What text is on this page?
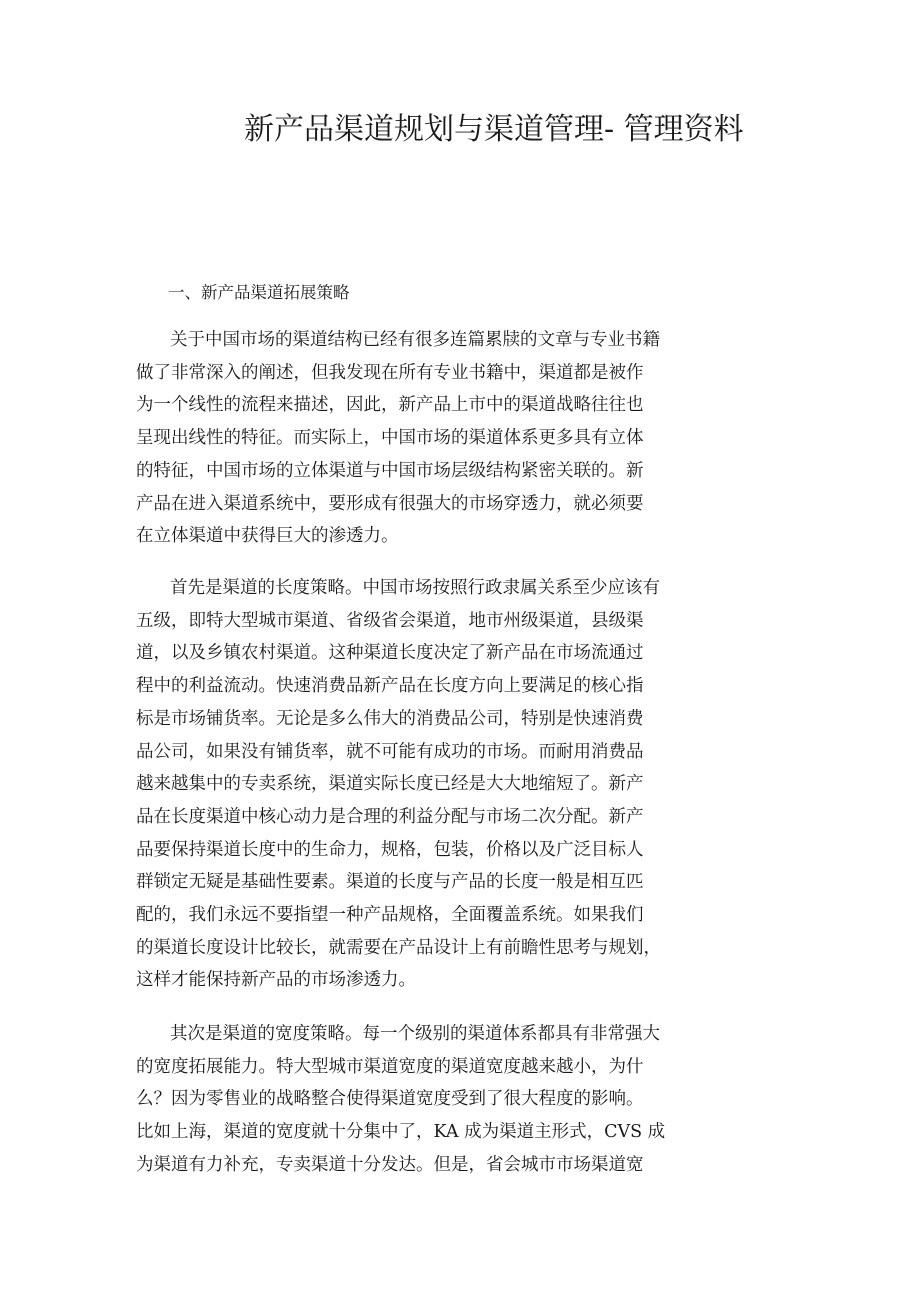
新产品渠道规划与渠道管理- 管理资料
一、新产品渠道拓展策略

关于中国市场的渠道结构已经有很多连篇累牍的文章与专业书籍
做了非常深入的阐述，但我发现在所有专业书籍中，渠道都是被作
为一个线性的流程来描述，因此，新产品上市中的渠道战略往往也
呈现出线性的特征。而实际上，中国市场的渠道体系更多具有立体
的特征，中国市场的立体渠道与中国市场层级结构紧密关联的。新
产品在进入渠道系统中，要形成有很强大的市场穿透力，就必须要
在立体渠道中获得巨大的渗透力。

首先是渠道的长度策略。中国市场按照行政隶属关系至少应该有
五级，即特大型城市渠道、省级省会渠道，地市州级渠道，县级渠
道，以及乡镇农村渠道。这种渠道长度决定了新产品在市场流通过
程中的利益流动。快速消费品新产品在长度方向上要满足的核心指
标是市场铺货率。无论是多么伟大的消费品公司，特别是快速消费
品公司，如果没有铺货率，就不可能有成功的市场。而耐用消费品
越来越集中的专卖系统，渠道实际长度已经是大大地缩短了。新产
品在长度渠道中核心动力是合理的利益分配与市场二次分配。新产
品要保持渠道长度中的生命力，规格，包装，价格以及广泛目标人
群锁定无疑是基础性要素。渠道的长度与产品的长度一般是相互匹
配的，我们永远不要指望一种产品规格，全面覆盖系统。如果我们
的渠道长度设计比较长，就需要在产品设计上有前瞻性思考与规划，
这样才能保持新产品的市场渗透力。

其次是渠道的宽度策略。每一个级别的渠道体系都具有非常强大
的宽度拓展能力。特大型城市渠道宽度的渠道宽度越来越小，为什
么？因为零售业的战略整合使得渠道宽度受到了很大程度的影响。
比如上海，渠道的宽度就十分集中了，KA 成为渠道主形式，CVS 成
为渠道有力补充，专卖渠道十分发达。但是，省会城市市场渠道宽
